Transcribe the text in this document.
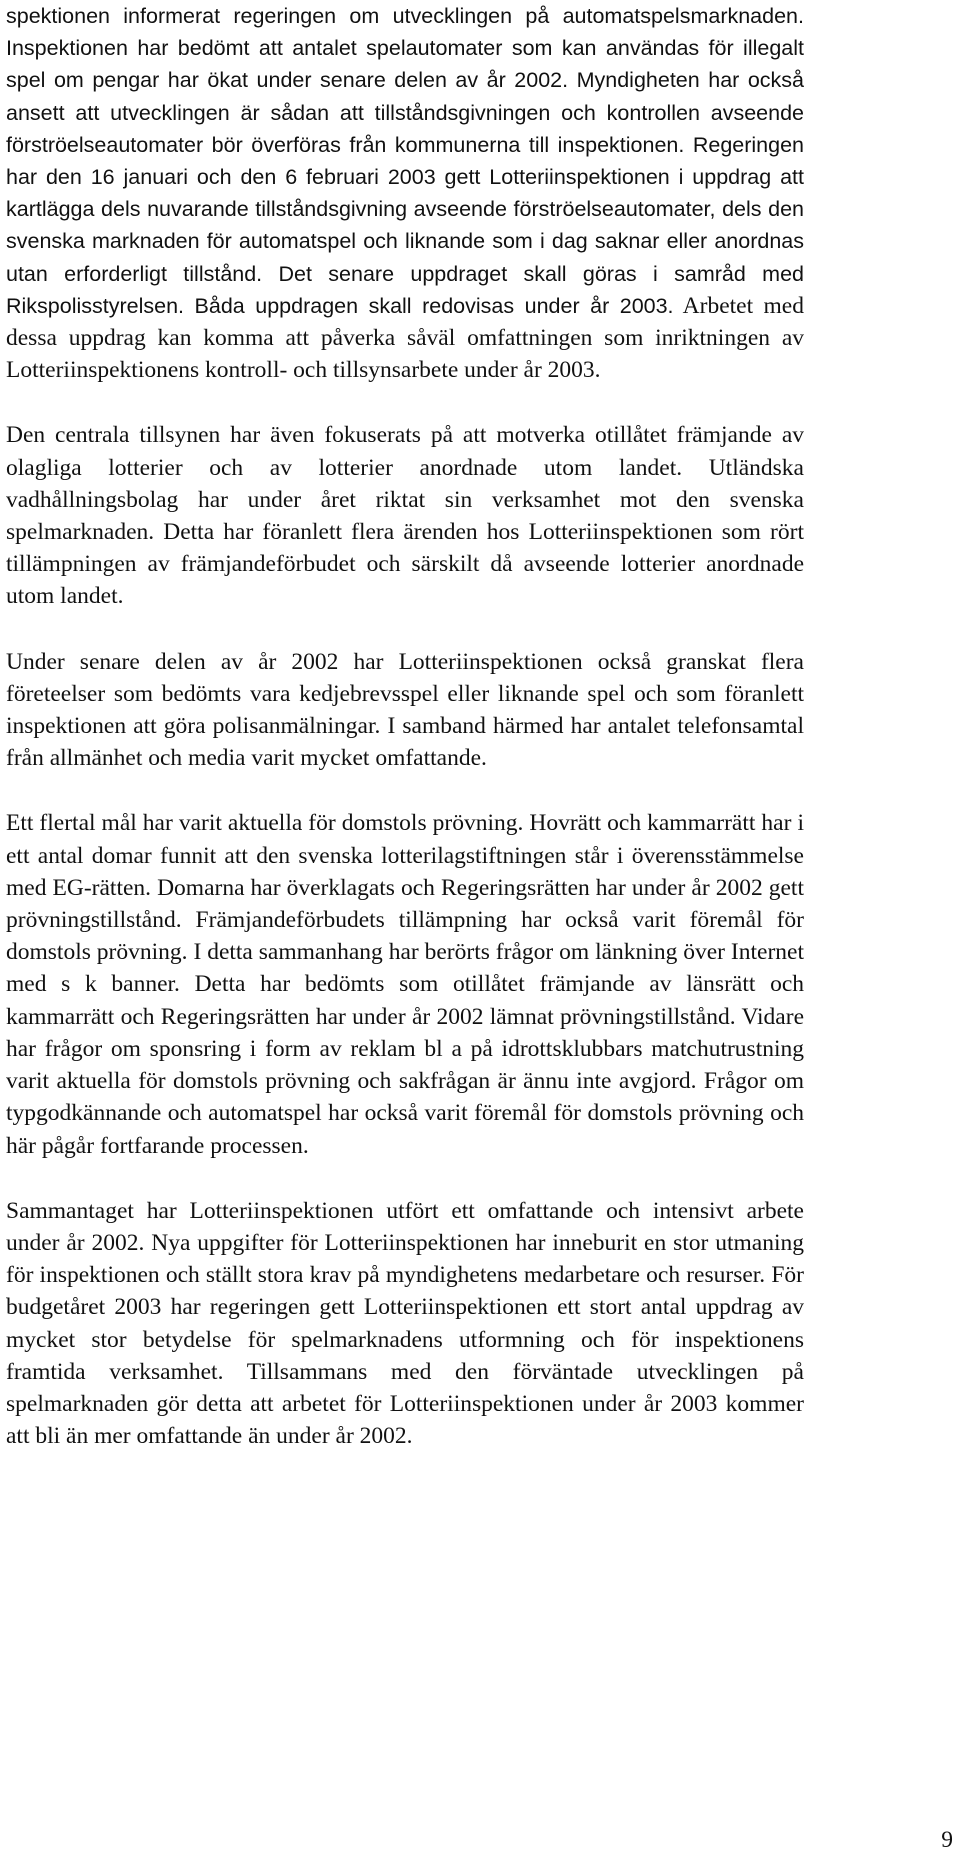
spektionen informerat regeringen om utvecklingen på automatspelsmarknaden. Inspektionen har bedömt att antalet spelautomater som kan användas för illegalt spel om pengar har ökat under senare delen av år 2002. Myndigheten har också ansett att utvecklingen är sådan att tillståndsgivningen och kontrollen avseende förströelseautomater bör överföras från kommunerna till inspektionen. Regeringen har den 16 januari och den 6 februari 2003 gett Lotteriinspektionen i uppdrag att kartlägga dels nuvarande tillståndsgivning avseende förströelseautomater, dels den svenska marknaden för automatspel och liknande som i dag saknar eller anordnas utan erforderligt tillstånd. Det senare uppdraget skall göras i samråd med Rikspolisstyrelsen. Båda uppdragen skall redovisas under år 2003. Arbetet med dessa uppdrag kan komma att påverka såväl omfattningen som inriktningen av Lotteriinspektionens kontroll- och tillsynsarbete under år 2003.

Den centrala tillsynen har även fokuserats på att motverka otillåtet främjande av olagliga lotterier och av lotterier anordnade utom landet. Utländska vadhållningsbolag har under året riktat sin verksamhet mot den svenska spelmarknaden. Detta har föranlett flera ärenden hos Lotteriinspektionen som rört tillämpningen av främjandeförbudet och särskilt då avseende lotterier anordnade utom landet.

Under senare delen av år 2002 har Lotteriinspektionen också granskat flera företeelser som bedömts vara kedjebrevsspel eller liknande spel och som föranlett inspektionen att göra polisanmälningar. I samband härmed har antalet telefonsamtal från allmänhet och media varit mycket omfattande.

Ett flertal mål har varit aktuella för domstols prövning. Hovrätt och kammarrätt har i ett antal domar funnit att den svenska lotterilagstiftningen står i överensstämmelse med EG-rätten. Domarna har överklagats och Regeringsrätten har under år 2002 gett prövningstillstånd. Främjandeförbudets tillämpning har också varit föremål för domstols prövning. I detta sammanhang har berörts frågor om länkning över Internet med s k banner. Detta har bedömts som otillåtet främjande av länsrätt och kammarrätt och Regeringsrätten har under år 2002 lämnat prövningstillstånd. Vidare har frågor om sponsring i form av reklam bl a på idrottsklubbars matchutrustning varit aktuella för domstols prövning och sakfrågan är ännu inte avgjord. Frågor om typgodkännande och automatspel har också varit föremål för domstols prövning och här pågår fortfarande processen.

Sammantaget har Lotteriinspektionen utfört ett omfattande och intensivt arbete under år 2002. Nya uppgifter för Lotteriinspektionen har inneburit en stor utmaning för inspektionen och ställt stora krav på myndighetens medarbetare och resurser. För budgetåret 2003 har regeringen gett Lotteriinspektionen ett stort antal uppdrag av mycket stor betydelse för spelmarknadens utformning och för inspektionens framtida verksamhet. Tillsammans med den förväntade utvecklingen på spelmarknaden gör detta att arbetet för Lotteriinspektionen under år 2003 kommer att bli än mer omfattande än under år 2002.

9
